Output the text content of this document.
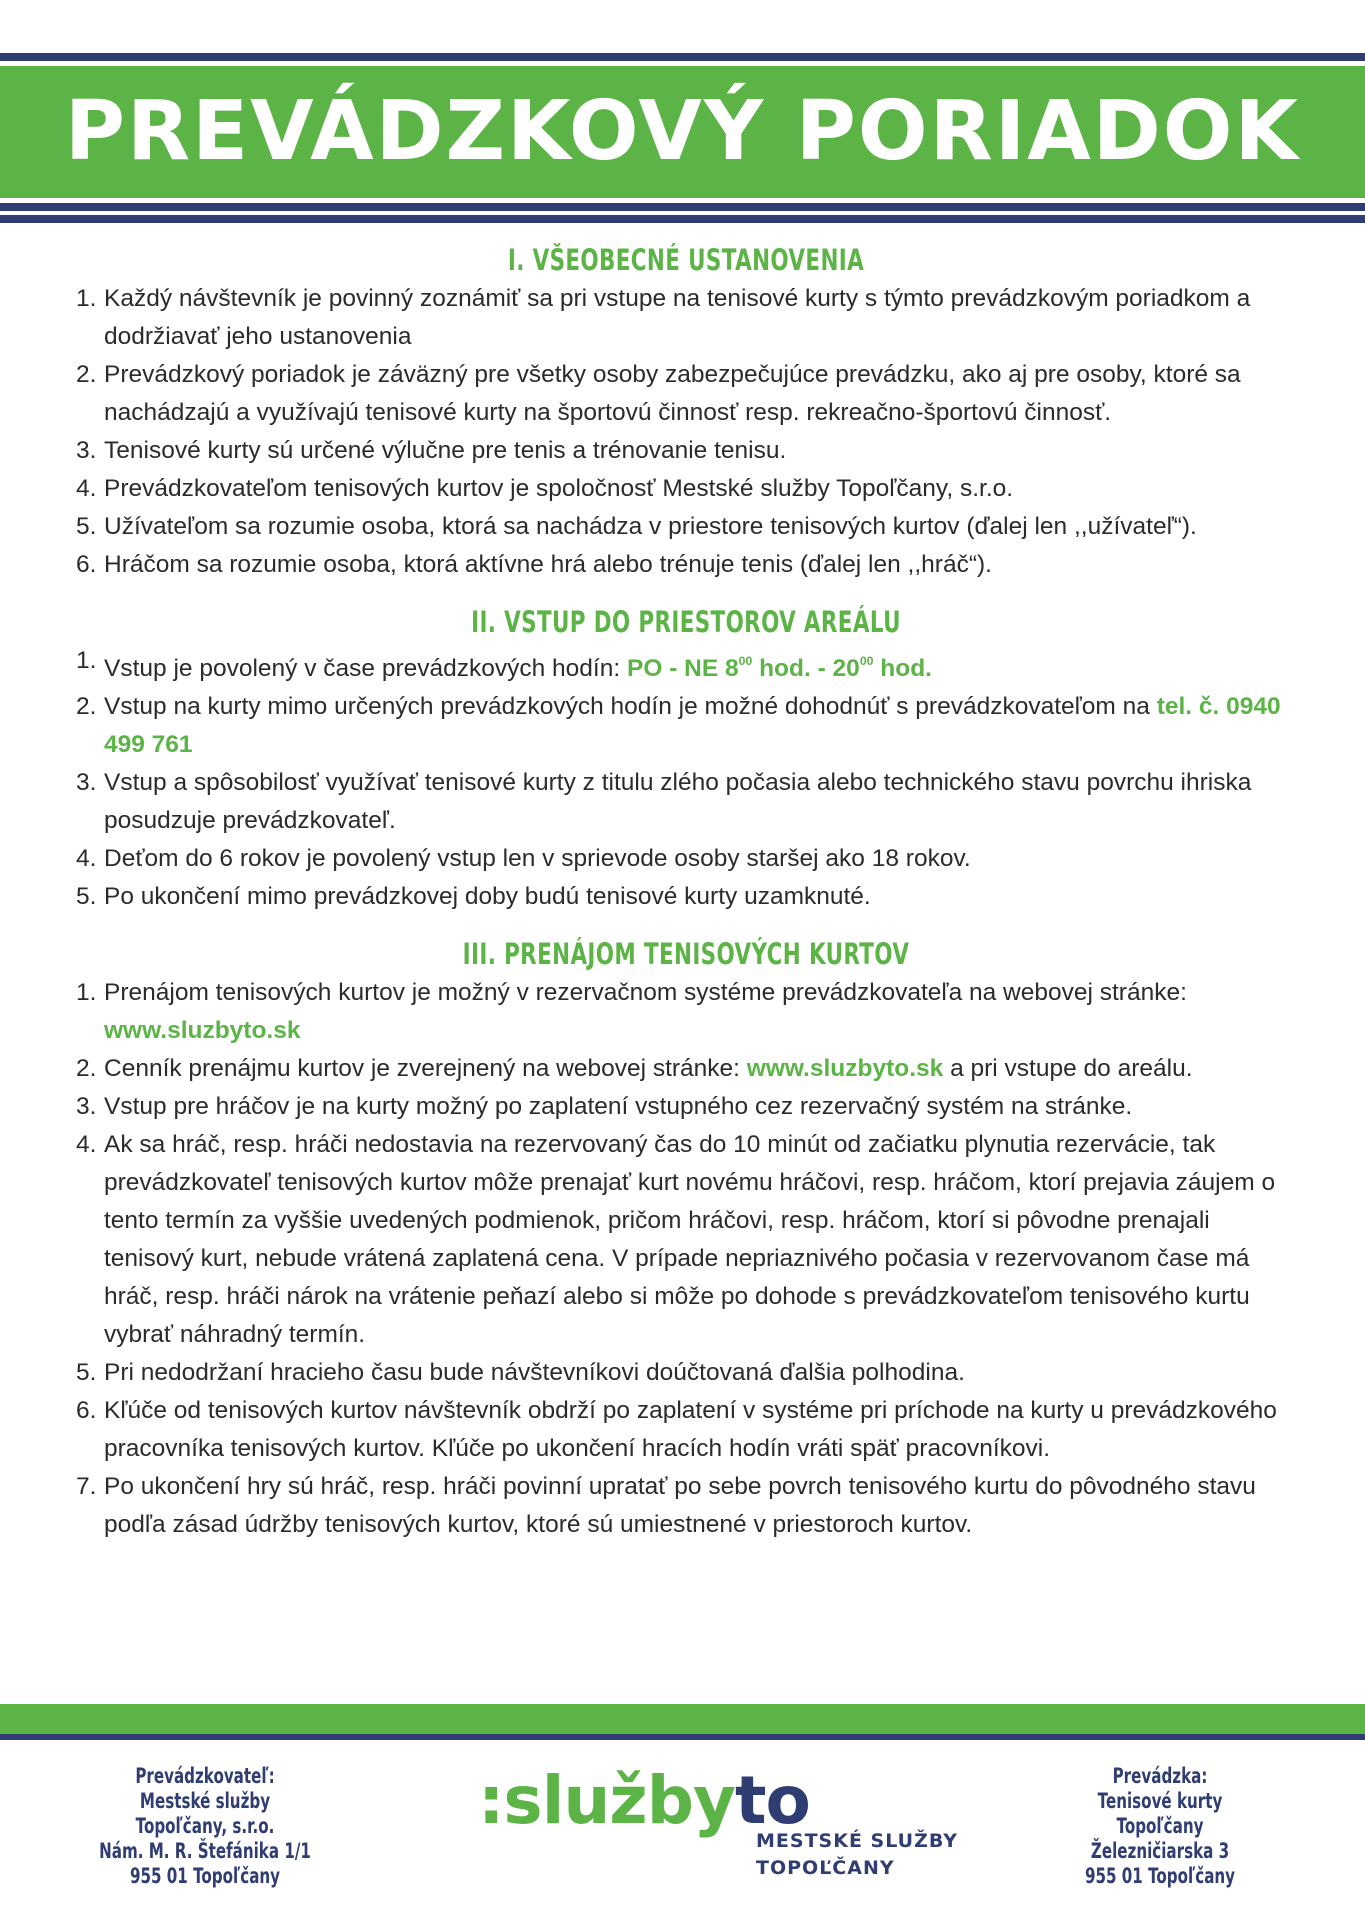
PREVÁDZKOVÝ PORIADOK
I. VŠEOBECNÉ USTANOVENIA
1. Každý návštevník je povinný zoznámiť sa pri vstupe na tenisové kurty s týmto prevádzkovým poriadkom a dodržiavať jeho ustanovenia
2. Prevádzkový poriadok je záväzný pre všetky osoby zabezpečujúce prevádzku, ako aj pre osoby, ktoré sa nachádzajú a využívajú tenisové kurty na športovú činnosť resp. rekreačno-športovú činnosť.
3. Tenisové kurty sú určené výlučne pre tenis a trénovanie tenisu.
4. Prevádzkovateľom tenisových kurtov je spoločnosť Mestské služby Topoľčany, s.r.o.
5. Užívateľom sa rozumie osoba, ktorá sa nachádza v priestore tenisových kurtov (ďalej len ,,užívateľ“).
6. Hráčom sa rozumie osoba, ktorá aktívne hrá alebo trénuje tenis (ďalej len ,,hráč“).
II. VSTUP DO PRIESTOROV AREÁLU
1. Vstup je povolený v čase prevádzkových hodín: PO - NE $8^{00}$ hod. - $20^{00}$ hod.
2. Vstup na kurty mimo určených prevádzkových hodín je možné dohodnúť s prevádzkovateľom na tel. č. 0940 499 761
3. Vstup a spôsobilosť využívať tenisové kurty z titulu zlého počasia alebo technického stavu povrchu ihriska posudzuje prevádzkovateľ.
4. Deťom do 6 rokov je povolený vstup len v sprievode osoby staršej ako 18 rokov.
5. Po ukončení mimo prevádzkovej doby budú tenisové kurty uzamknuté.
III. PRENÁJOM TENISOVÝCH KURTOV
1. Prenájom tenisových kurtov je možný v rezervačnom systéme prevádzkovateľa na webovej stránke: www.sluzbyto.sk
2. Cenník prenájmu kurtov je zverejnený na webovej stránke: www.sluzbyto.sk a pri vstupe do areálu.
3. Vstup pre hráčov je na kurty možný po zaplatení vstupného cez rezervačný systém na stránke.
4. Ak sa hráč, resp. hráči nedostavia na rezervovaný čas do 10 minút od začiatku plynutia rezervácie, tak prevádzkovateľ tenisových kurtov môže prenajať kurt novému hráčovi, resp. hráčom, ktorí prejavia záujem o tento termín za vyššie uvedených podmienok, pričom hráčovi, resp. hráčom, ktorí si pôvodne prenajali tenisový kurt, nebude vrátená zaplatená cena. V prípade nepriaznivého počasia v rezervovanom čase má hráč, resp. hráči nárok na vrátenie peňazí alebo si môže po dohode s prevádzkovateľom tenisového kurtu vybrať náhradný termín.
5. Pri nedodržaní hracieho času bude návštevníkovi doúčtovaná ďalšia polhodina.
6. Kľúče od tenisových kurtov návštevník obdrží po zaplatení v systéme pri príchode na kurty u prevádzkového pracovníka tenisových kurtov. Kľúče po ukončení hracích hodín vráti späť pracovníkovi.
7. Po ukončení hry sú hráč, resp. hráči povinní upratať po sebe povrch tenisového kurtu do pôvodného stavu podľa zásad údržby tenisových kurtov, ktoré sú umiestnené v priestoroch kurtov.
Prevádzkovateľ:
Mestské služby Topoľčany, s.r.o.
Nám. M. R. Štefánika 1/1
955 01 Topoľčany
:službyto
MESTSKÉ SLUŽBY
TOPOĽČANY
Prevádzka:
Tenisové kurty Topoľčany
Železničiarska 3
955 01 Topoľčany
